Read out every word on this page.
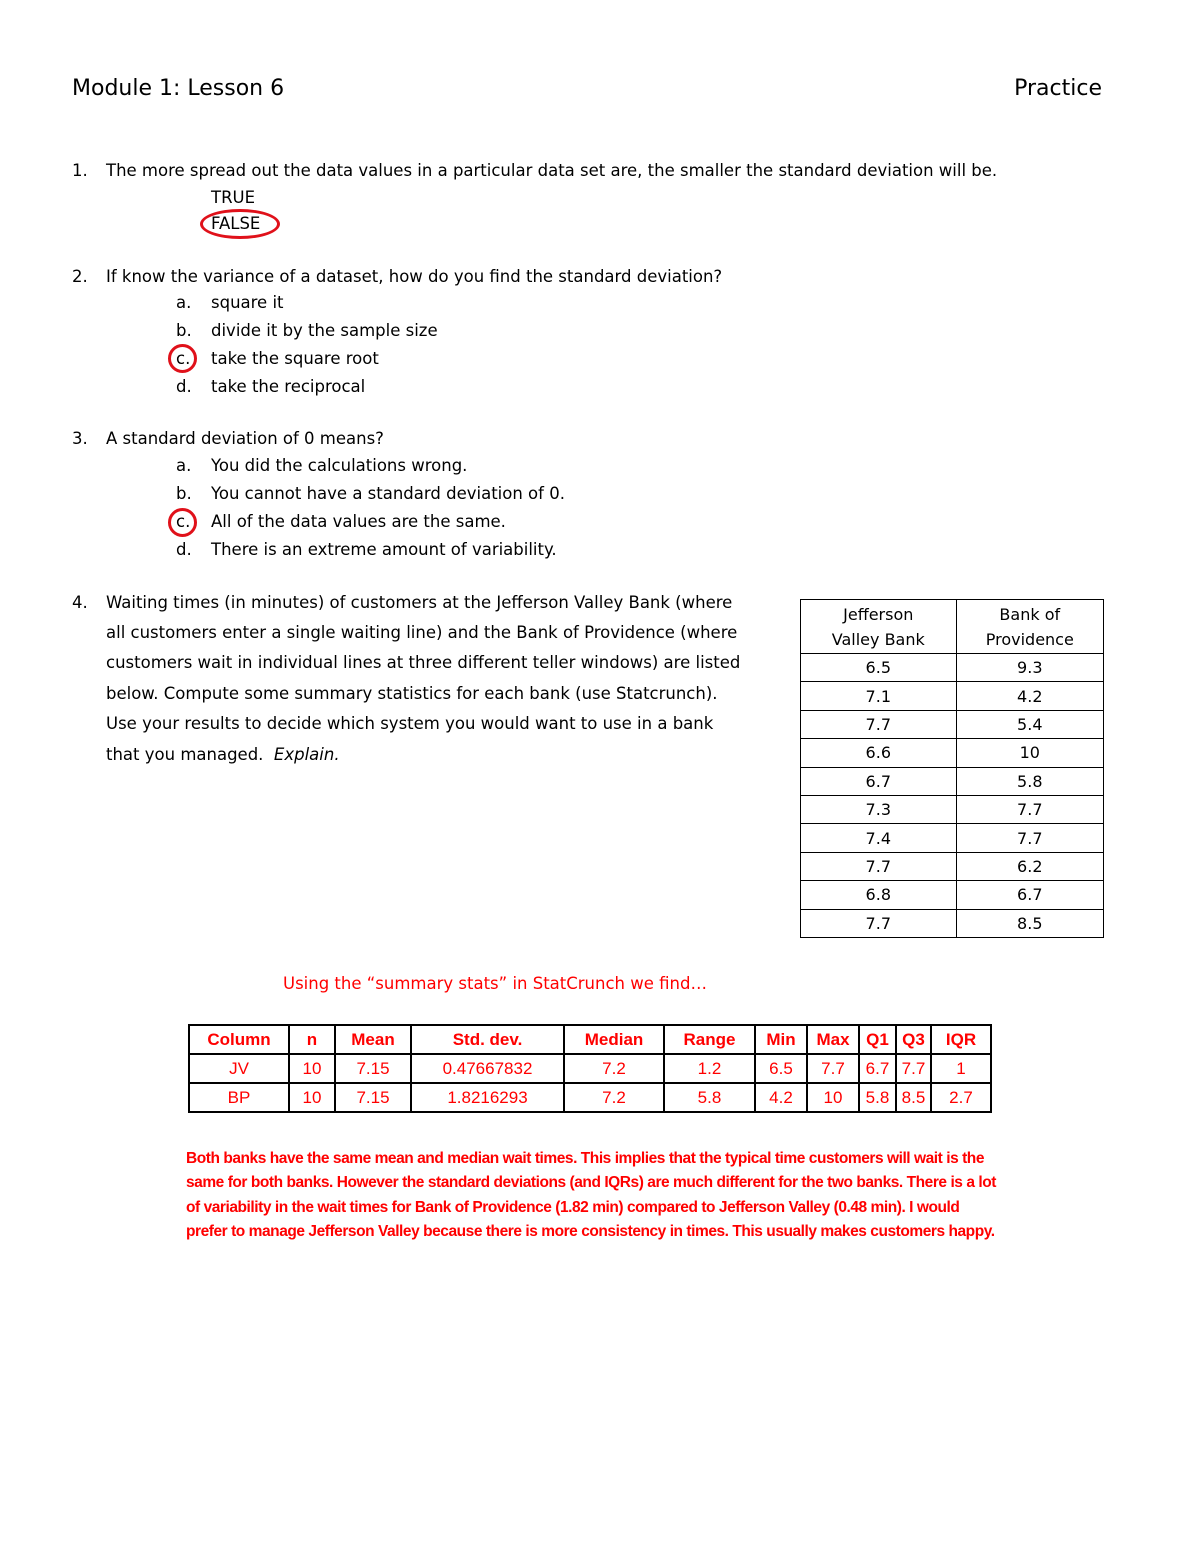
Module 1: Lesson 6	Practice
1. The more spread out the data values in a particular data set are, the smaller the standard deviation will be.
TRUE
FALSE
2. If know the variance of a dataset, how do you find the standard deviation?
a. square it
b. divide it by the sample size
c. take the square root
d. take the reciprocal
3. A standard deviation of 0 means?
a. You did the calculations wrong.
b. You cannot have a standard deviation of 0.
c. All of the data values are the same.
d. There is an extreme amount of variability.
4. Waiting times (in minutes) of customers at the Jefferson Valley Bank (where
all customers enter a single waiting line) and the Bank of Providence (where
customers wait in individual lines at three different teller windows) are listed
below. Compute some summary statistics for each bank (use Statcrunch).
Use your results to decide which system you would want to use in a bank
that you managed. Explain.
Jefferson
Valley Bank	Bank of
Providence
6.5	9.3
7.1	4.2
7.7	5.4
6.6	10
6.7	5.8
7.3	7.7
7.4	7.7
7.7	6.2
6.8	6.7
7.7	8.5
Using the “summary stats” in StatCrunch we find…
Column	n	Mean	Std. dev.	Median	Range	Min	Max	Q1	Q3	IQR
JV	10	7.15	0.47667832	7.2	1.2	6.5	7.7	6.7	7.7	1
BP	10	7.15	1.8216293	7.2	5.8	4.2	10	5.8	8.5	2.7
Both banks have the same mean and median wait times. This implies that the typical time customers will wait is the
same for both banks. However the standard deviations (and IQRs) are much different for the two banks. There is a lot
of variability in the wait times for Bank of Providence (1.82 min) compared to Jefferson Valley (0.48 min). I would
prefer to manage Jefferson Valley because there is more consistency in times. This usually makes customers happy.
